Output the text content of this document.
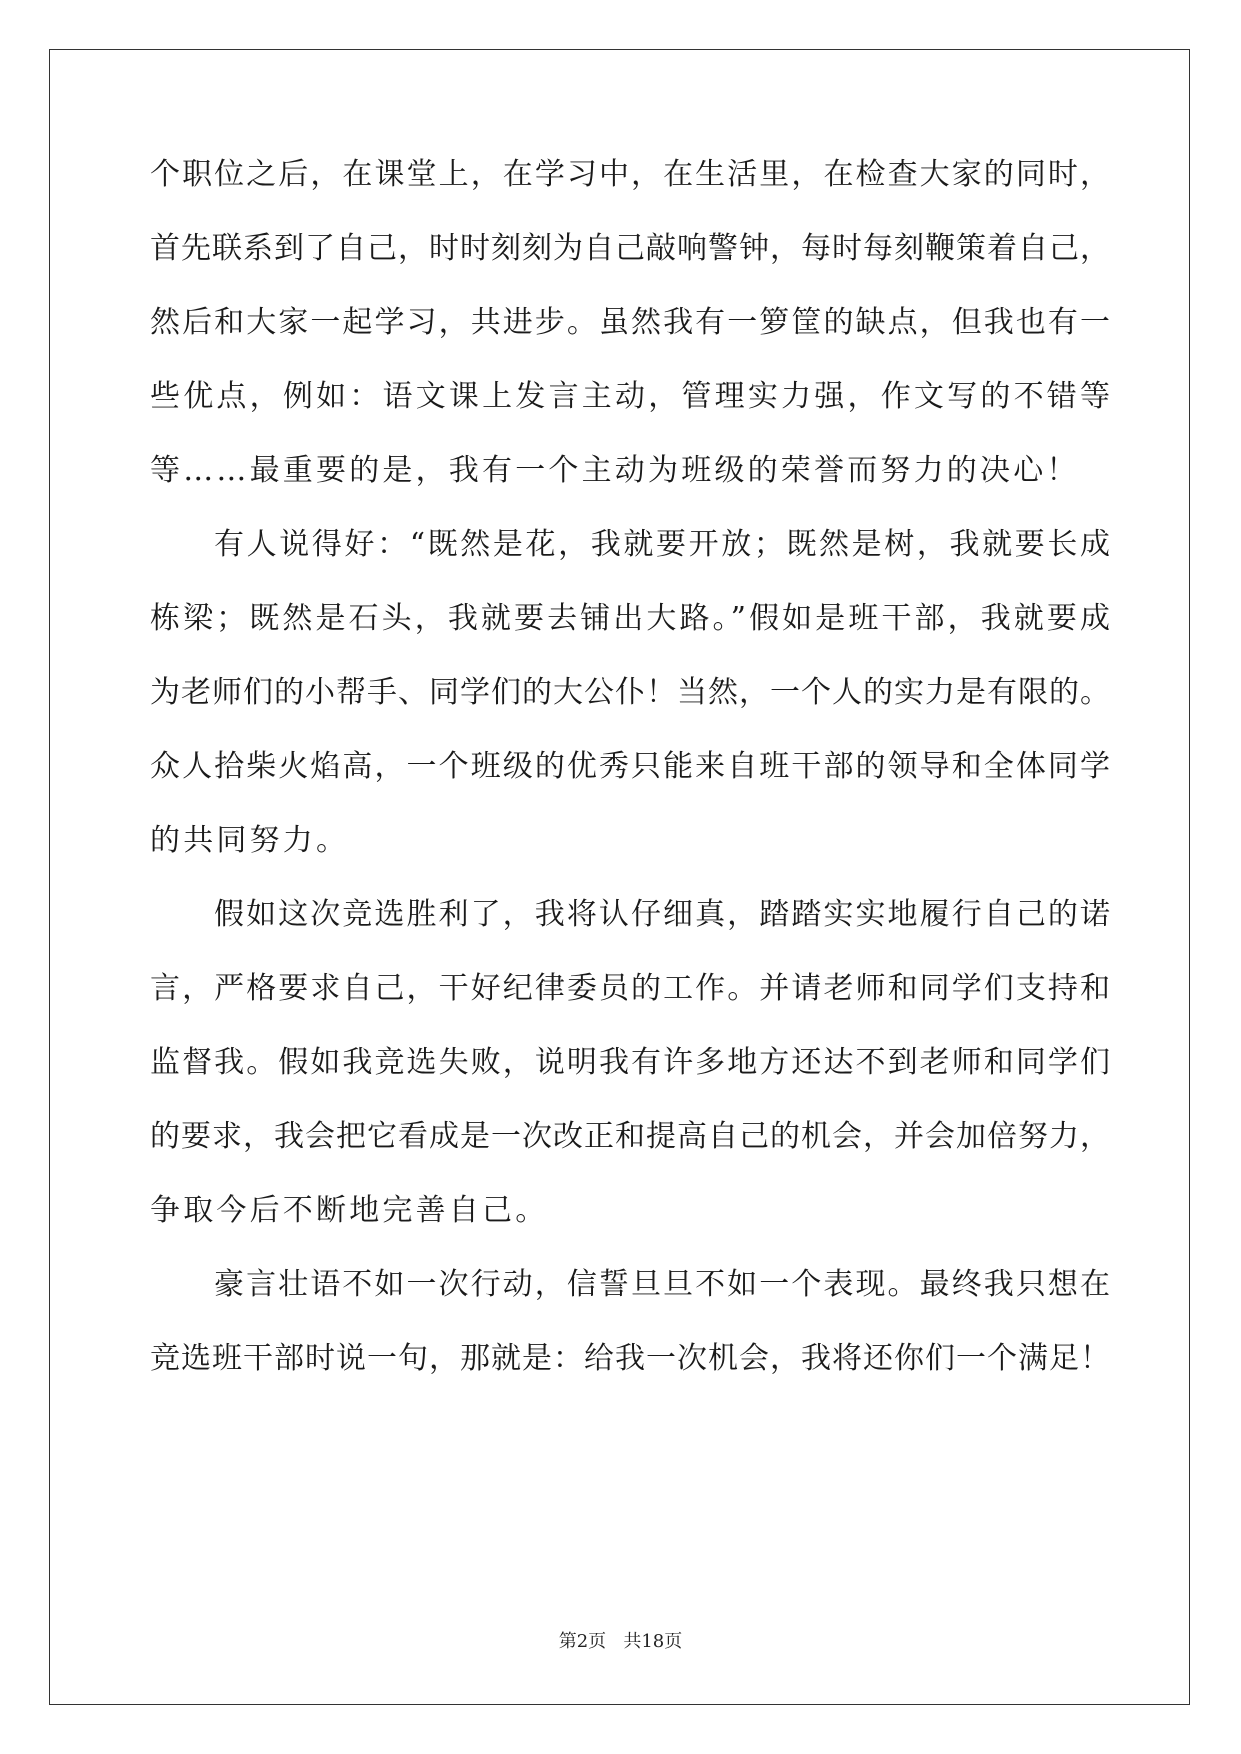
个职位之后，在课堂上，在学习中，在生活里，在检查大家的同时，
首先联系到了自己，时时刻刻为自己敲响警钟，每时每刻鞭策着自己，
然后和大家一起学习，共进步。虽然我有一箩筐的缺点，但我也有一
些优点，例如：语文课上发言主动，管理实力强，作文写的不错等
等……最重要的是，我有一个主动为班级的荣誉而努力的决心！
有人说得好：“既然是花，我就要开放；既然是树，我就要长成
栋梁；既然是石头，我就要去铺出大路。”假如是班干部，我就要成
为老师们的小帮手、同学们的大公仆！当然，一个人的实力是有限的。
众人拾柴火焰高，一个班级的优秀只能来自班干部的领导和全体同学
的共同努力。
假如这次竞选胜利了，我将认仔细真，踏踏实实地履行自己的诺
言，严格要求自己，干好纪律委员的工作。并请老师和同学们支持和
监督我。假如我竞选失败，说明我有许多地方还达不到老师和同学们
的要求，我会把它看成是一次改正和提高自己的机会，并会加倍努力，
争取今后不断地完善自己。
豪言壮语不如一次行动，信誓旦旦不如一个表现。最终我只想在
竞选班干部时说一句，那就是：给我一次机会，我将还你们一个满足！
第2页 共18页
